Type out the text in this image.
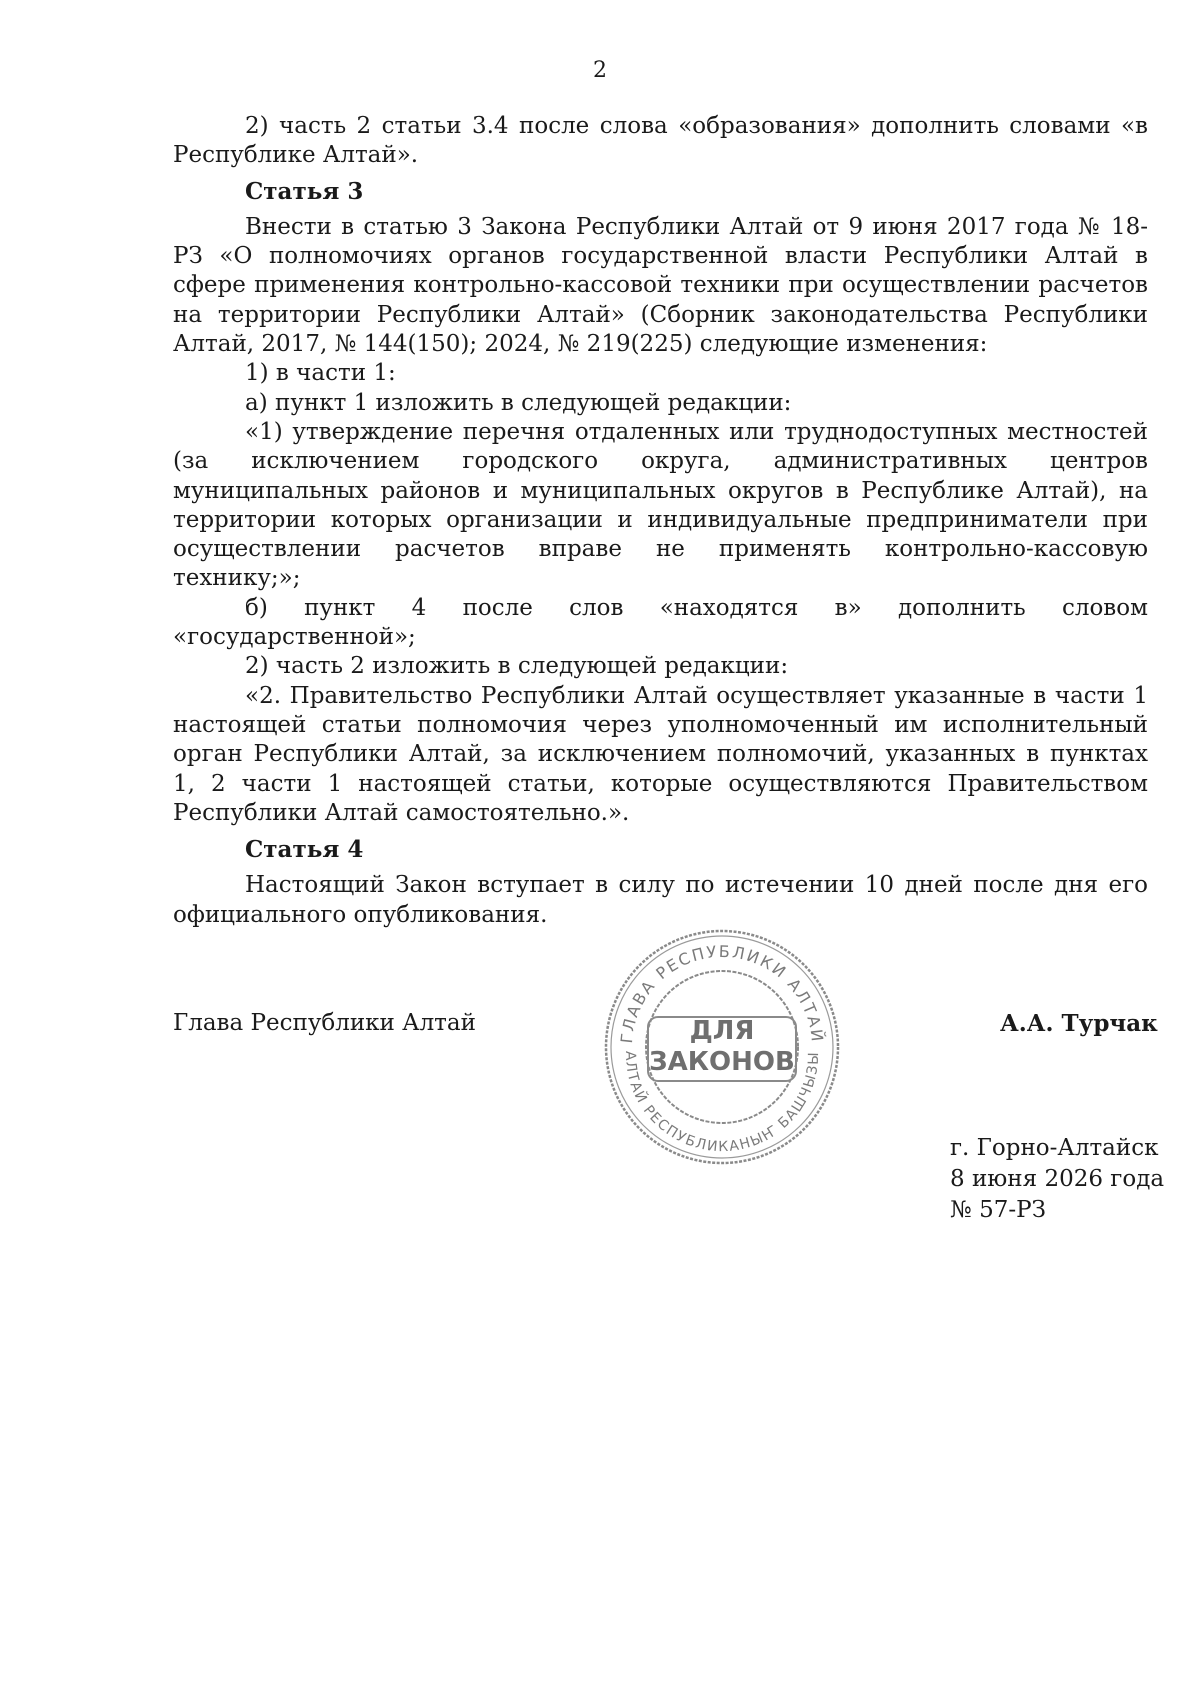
2

2) часть 2 статьи 3.4 после слова «образования» дополнить словами «в Республике Алтай».

Статья 3

Внести в статью 3 Закона Республики Алтай от 9 июня 2017 года № 18-РЗ «О полномочиях органов государственной власти Республики Алтай в сфере применения контрольно-кассовой техники при осуществлении расчетов на территории Республики Алтай» (Сборник законодательства Республики Алтай, 2017, № 144(150); 2024, № 219(225) следующие изменения:

1) в части 1:

а) пункт 1 изложить в следующей редакции:

«1) утверждение перечня отдаленных или труднодоступных местностей (за исключением городского округа, административных центров муниципальных районов и муниципальных округов в Республике Алтай), на территории которых организации и индивидуальные предприниматели при осуществлении расчетов вправе не применять контрольно-кассовую технику;»;

б) пункт 4 после слов «находятся в» дополнить словом «государственной»;

2) часть 2 изложить в следующей редакции:

«2. Правительство Республики Алтай осуществляет указанные в части 1 настоящей статьи полномочия через уполномоченный им исполнительный орган Республики Алтай, за исключением полномочий, указанных в пунктах 1, 2 части 1 настоящей статьи, которые осуществляются Правительством Республики Алтай самостоятельно.».

Статья 4

Настоящий Закон вступает в силу по истечении 10 дней после дня его официального опубликования.

Глава Республики Алтай
ГЛАВА РЕСПУБЛИКИ АЛТАЙ
АЛТАЙ РЕСПУБЛИКАНЫҤ БАШЧЫЗЫ
ДЛЯ
ЗАКОНОВ
А.А. Турчак
г. Горно-Алтайск
8 июня 2026 года
№ 57-РЗ
